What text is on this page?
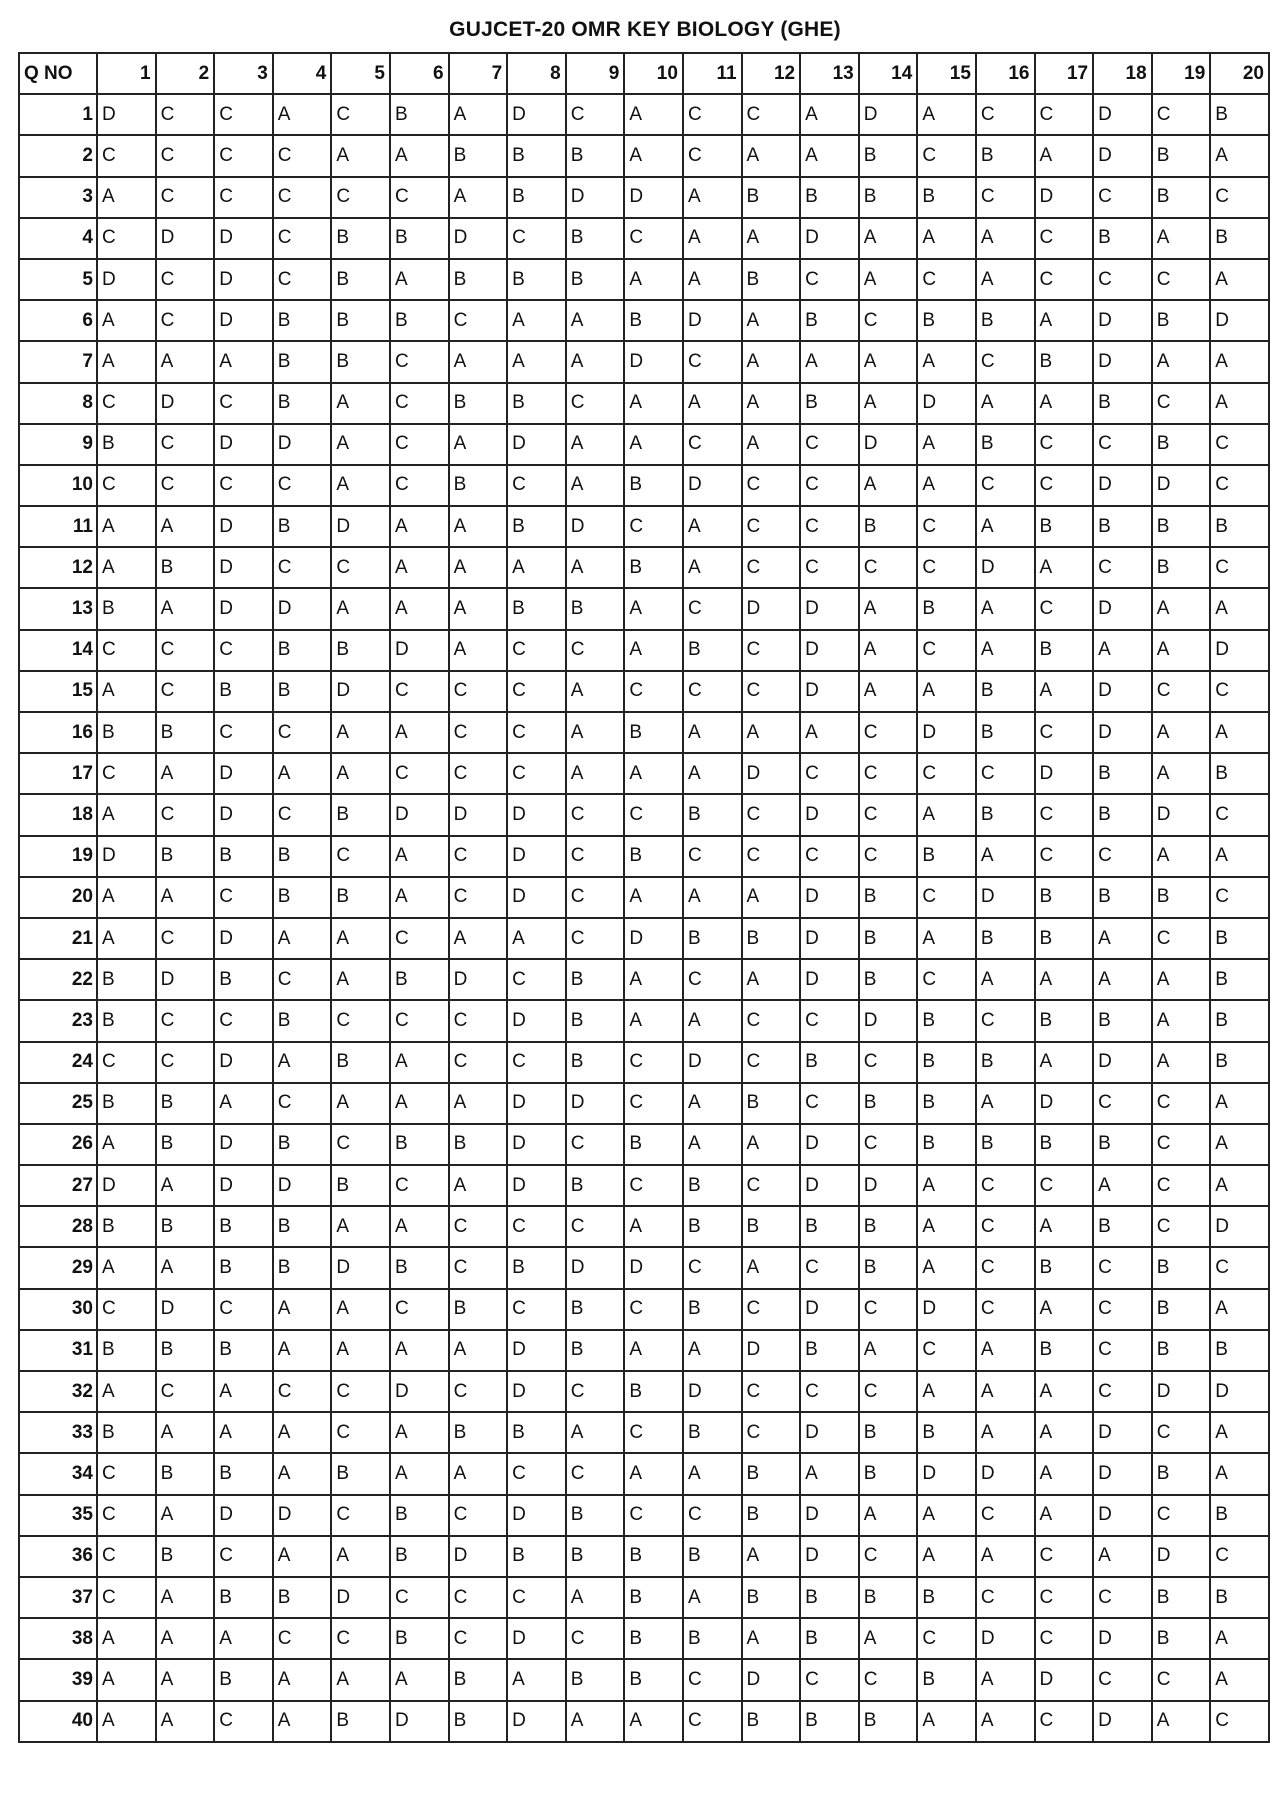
GUJCET-20 OMR KEY BIOLOGY (GHE)
Q NO	1	2	3	4	5	6	7	8	9	10	11	12	13	14	15	16	17	18	19	20
1	D	C	C	A	C	B	A	D	C	A	C	C	A	D	A	C	C	D	C	B
2	C	C	C	C	A	A	B	B	B	A	C	A	A	B	C	B	A	D	B	A
3	A	C	C	C	C	C	A	B	D	D	A	B	B	B	B	C	D	C	B	C
4	C	D	D	C	B	B	D	C	B	C	A	A	D	A	A	A	C	B	A	B
5	D	C	D	C	B	A	B	B	B	A	A	B	C	A	C	A	C	C	C	A
6	A	C	D	B	B	B	C	A	A	B	D	A	B	C	B	B	A	D	B	D
7	A	A	A	B	B	C	A	A	A	D	C	A	A	A	A	C	B	D	A	A
8	C	D	C	B	A	C	B	B	C	A	A	A	B	A	D	A	A	B	C	A
9	B	C	D	D	A	C	A	D	A	A	C	A	C	D	A	B	C	C	B	C
10	C	C	C	C	A	C	B	C	A	B	D	C	C	A	A	C	C	D	D	C
11	A	A	D	B	D	A	A	B	D	C	A	C	C	B	C	A	B	B	B	B
12	A	B	D	C	C	A	A	A	A	B	A	C	C	C	C	D	A	C	B	C
13	B	A	D	D	A	A	A	B	B	A	C	D	D	A	B	A	C	D	A	A
14	C	C	C	B	B	D	A	C	C	A	B	C	D	A	C	A	B	A	A	D
15	A	C	B	B	D	C	C	C	A	C	C	C	D	A	A	B	A	D	C	C
16	B	B	C	C	A	A	C	C	A	B	A	A	A	C	D	B	C	D	A	A
17	C	A	D	A	A	C	C	C	A	A	A	D	C	C	C	C	D	B	A	B
18	A	C	D	C	B	D	D	D	C	C	B	C	D	C	A	B	C	B	D	C
19	D	B	B	B	C	A	C	D	C	B	C	C	C	C	B	A	C	C	A	A
20	A	A	C	B	B	A	C	D	C	A	A	A	D	B	C	D	B	B	B	C
21	A	C	D	A	A	C	A	A	C	D	B	B	D	B	A	B	B	A	C	B
22	B	D	B	C	A	B	D	C	B	A	C	A	D	B	C	A	A	A	A	B
23	B	C	C	B	C	C	C	D	B	A	A	C	C	D	B	C	B	B	A	B
24	C	C	D	A	B	A	C	C	B	C	D	C	B	C	B	B	A	D	A	B
25	B	B	A	C	A	A	A	D	D	C	A	B	C	B	B	A	D	C	C	A
26	A	B	D	B	C	B	B	D	C	B	A	A	D	C	B	B	B	B	C	A
27	D	A	D	D	B	C	A	D	B	C	B	C	D	D	A	C	C	A	C	A
28	B	B	B	B	A	A	C	C	C	A	B	B	B	B	A	C	A	B	C	D
29	A	A	B	B	D	B	C	B	D	D	C	A	C	B	A	C	B	C	B	C
30	C	D	C	A	A	C	B	C	B	C	B	C	D	C	D	C	A	C	B	A
31	B	B	B	A	A	A	A	D	B	A	A	D	B	A	C	A	B	C	B	B
32	A	C	A	C	C	D	C	D	C	B	D	C	C	C	A	A	A	C	D	D
33	B	A	A	A	C	A	B	B	A	C	B	C	D	B	B	A	A	D	C	A
34	C	B	B	A	B	A	A	C	C	A	A	B	A	B	D	D	A	D	B	A
35	C	A	D	D	C	B	C	D	B	C	C	B	D	A	A	C	A	D	C	B
36	C	B	C	A	A	B	D	B	B	B	B	A	D	C	A	A	C	A	D	C
37	C	A	B	B	D	C	C	C	A	B	A	B	B	B	B	C	C	C	B	B
38	A	A	A	C	C	B	C	D	C	B	B	A	B	A	C	D	C	D	B	A
39	A	A	B	A	A	A	B	A	B	B	C	D	C	C	B	A	D	C	C	A
40	A	A	C	A	B	D	B	D	A	A	C	B	B	B	A	A	C	D	A	C
